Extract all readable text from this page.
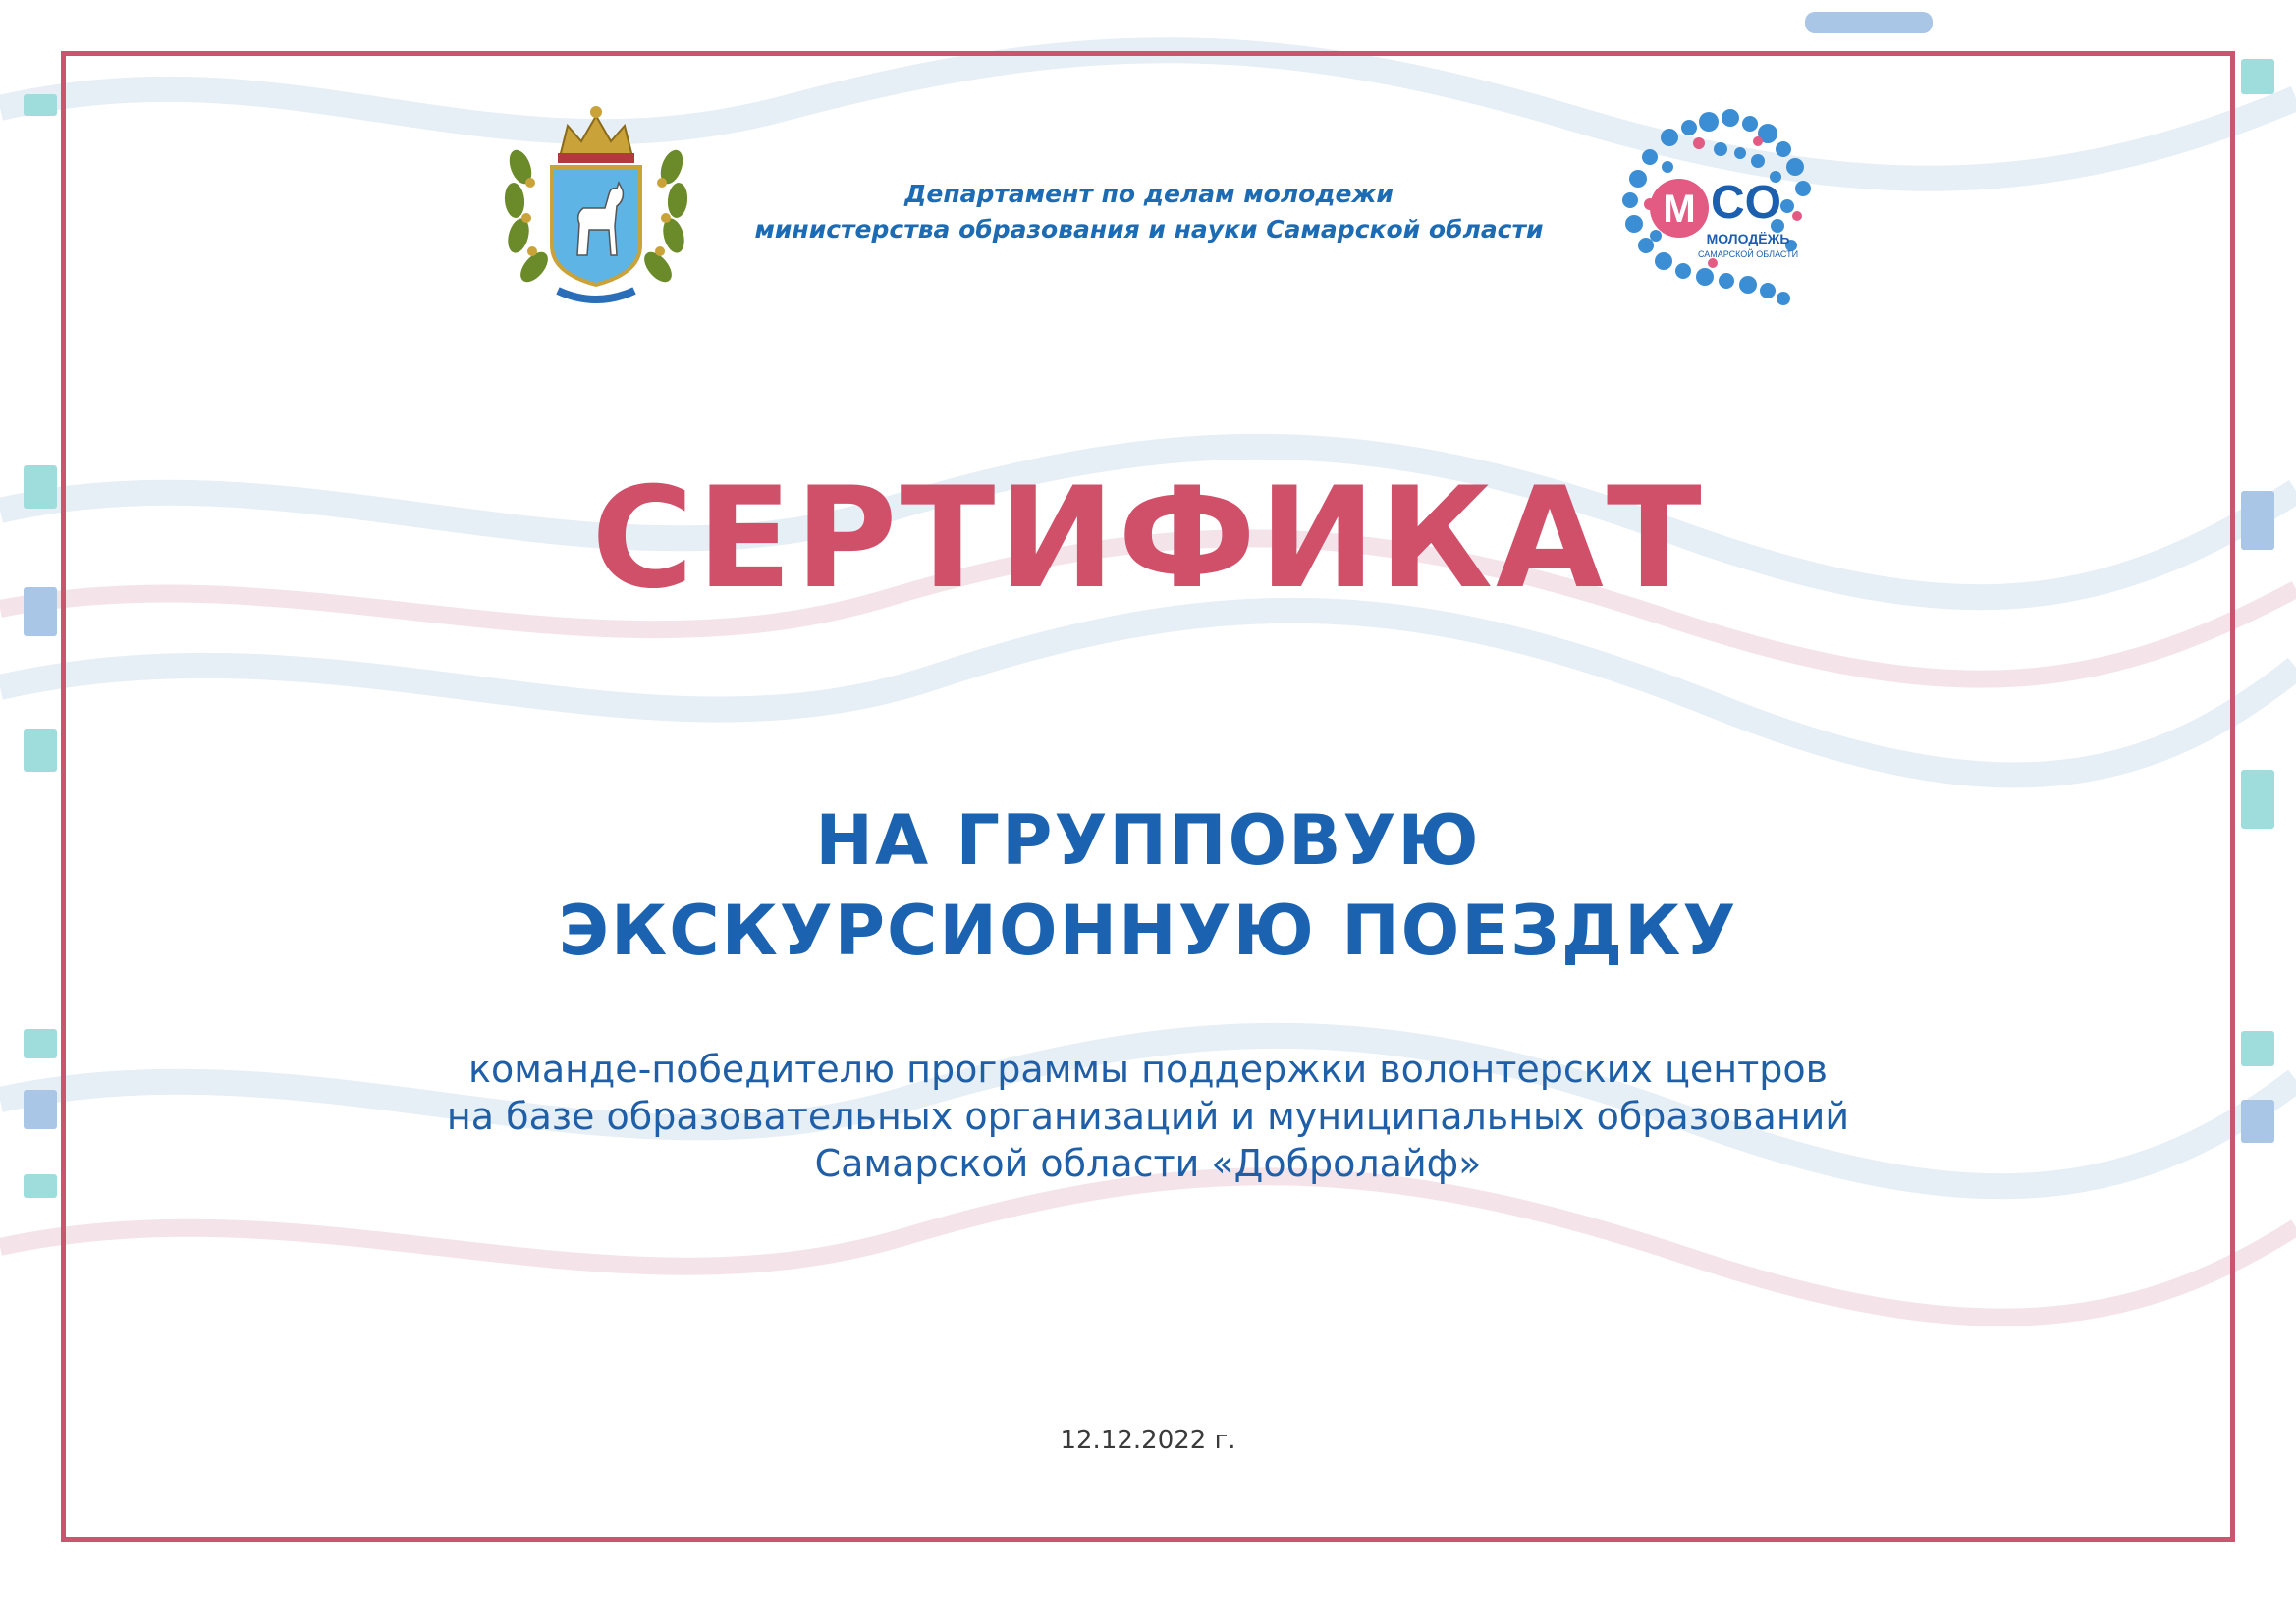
M CO
МОЛОДЁЖЬ
САМАРСКОЙ ОБЛАСТИ
Департамент по делам молодежи
министерства образования и науки Самарской области
СЕРТИФИКАТ
НА ГРУППОВУЮ
ЭКСКУРСИОННУЮ ПОЕЗДКУ
команде-победителю программы поддержки волонтерских центров
на базе образовательных организаций и муниципальных образований
Самарской области «Добролайф»
12.12.2022 г.
